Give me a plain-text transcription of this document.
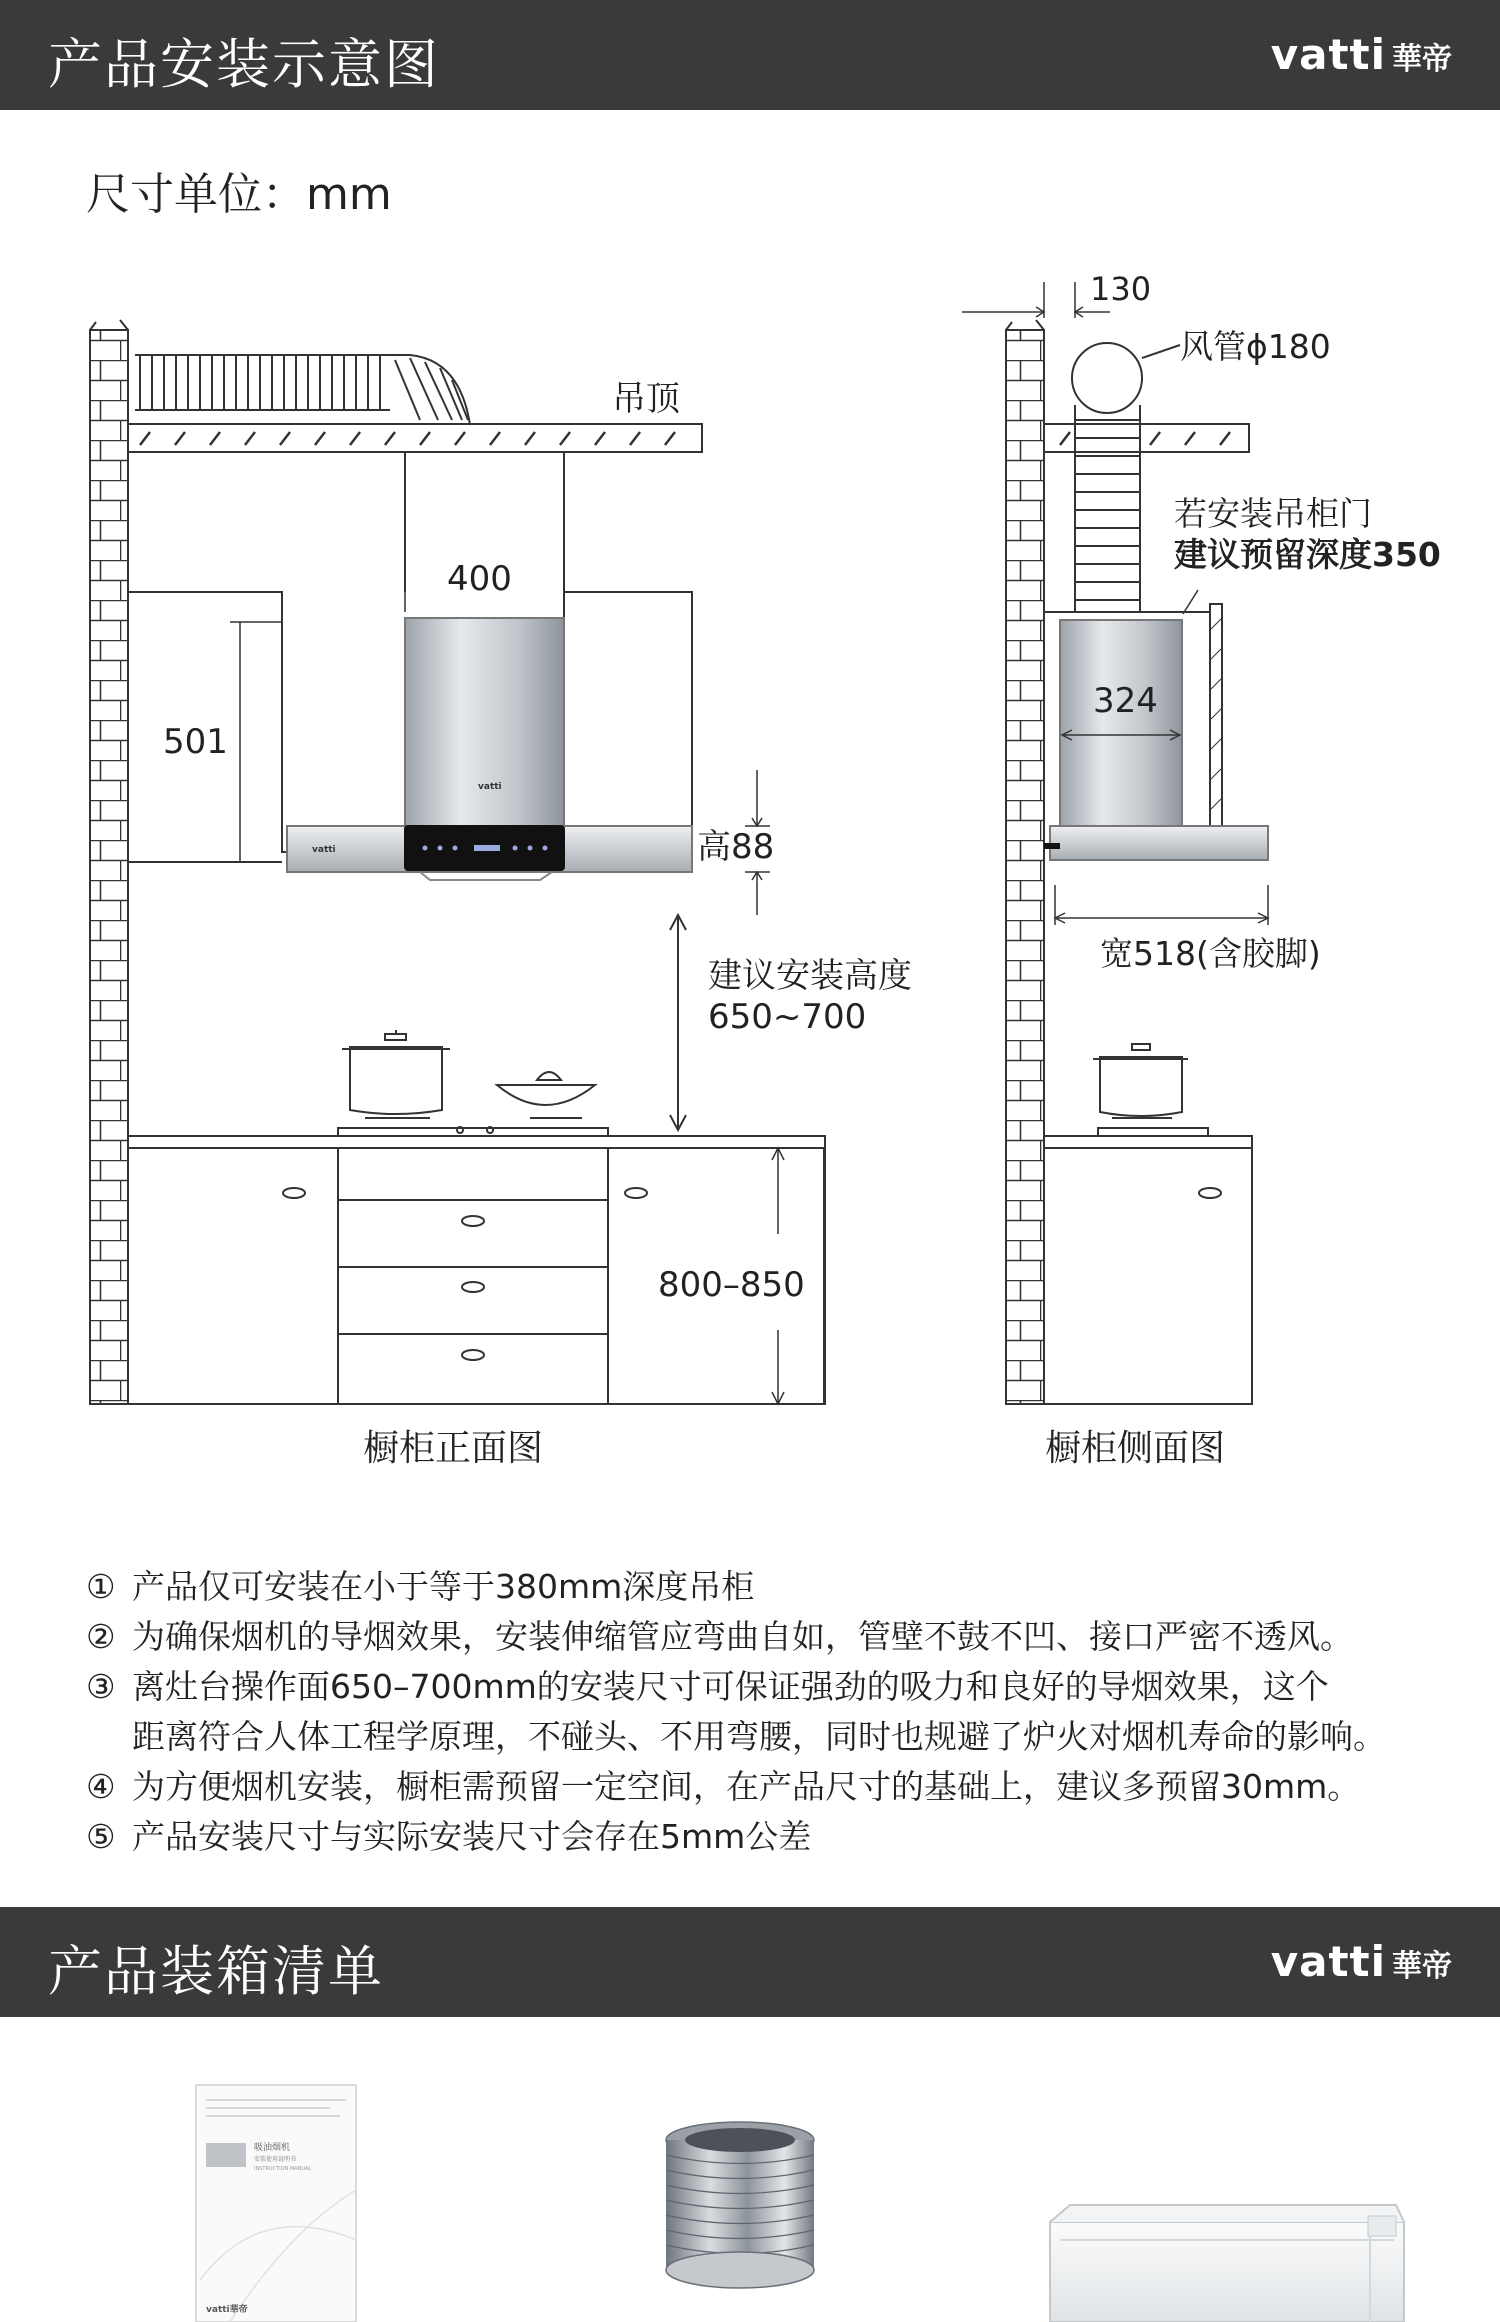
产品安装示意图	vatti 華帝
尺寸单位：mm
vatti
vatti
吊顶
400
501
高88
建议安装高度
650~700
800–850
橱柜正面图
130
风管ϕ180
若安装吊柜门
建议预留深度350
324
宽518(含胶脚)
橱柜侧面图
① 产品仅可安装在小于等于380mm深度吊柜
② 为确保烟机的导烟效果，安装伸缩管应弯曲自如，管壁不鼓不凹、接口严密不透风。
③ 离灶台操作面650–700mm的安装尺寸可保证强劲的吸力和良好的导烟效果，这个
距离符合人体工程学原理，不碰头、不用弯腰，同时也规避了炉火对烟机寿命的影响。
④ 为方便烟机安装，橱柜需预留一定空间，在产品尺寸的基础上，建议多预留30mm。
⑤ 产品安装尺寸与实际安装尺寸会存在5mm公差
产品装箱清单	vatti 華帝
吸油烟机
安装使用说明书
INSTRUCTION MANUAL
vatti華帝
